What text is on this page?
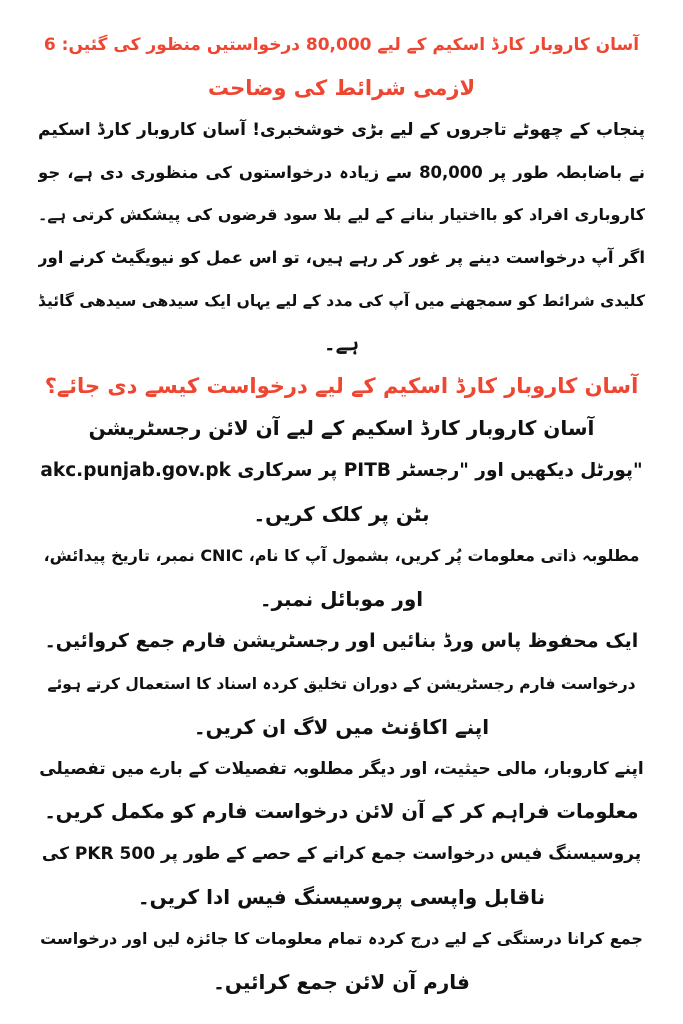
آسان کاروبار کارڈ اسکیم کے لیے 80,000 درخواستیں منظور کی گئیں: 6
لازمی شرائط کی وضاحت
پنجاب کے چھوٹے تاجروں کے لیے بڑی خوشخبری! آسان کاروبار کارڈ اسکیم
نے باضابطہ طور پر 80,000 سے زیادہ درخواستوں کی منظوری دی ہے، جو
کاروباری افراد کو بااختیار بنانے کے لیے بلا سود قرضوں کی پیشکش کرتی ہے۔
اگر آپ درخواست دینے پر غور کر رہے ہیں، تو اس عمل کو نیویگیٹ کرنے اور
کلیدی شرائط کو سمجھنے میں آپ کی مدد کے لیے یہاں ایک سیدھی سیدھی گائیڈ
ہے۔
آسان کاروبار کارڈ اسکیم کے لیے درخواست کیسے دی جائے؟
آسان کاروبار کارڈ اسکیم کے لیے آن لائن رجسٹریشن
akc.punjab.gov.pk پر سرکاری PITB پورٹل دیکھیں اور "رجسٹر"
بٹن پر کلک کریں۔
مطلوبہ ذاتی معلومات پُر کریں، بشمول آپ کا نام، CNIC نمبر، تاریخ پیدائش،
اور موبائل نمبر۔
ایک محفوظ پاس ورڈ بنائیں اور رجسٹریشن فارم جمع کروائیں۔
درخواست فارم رجسٹریشن کے دوران تخلیق کردہ اسناد کا استعمال کرتے ہوئے
اپنے اکاؤنٹ میں لاگ ان کریں۔
اپنے کاروبار، مالی حیثیت، اور دیگر مطلوبہ تفصیلات کے بارے میں تفصیلی
معلومات فراہم کر کے آن لائن درخواست فارم کو مکمل کریں۔
پروسیسنگ فیس درخواست جمع کرانے کے حصے کے طور پر PKR 500 کی
ناقابل واپسی پروسیسنگ فیس ادا کریں۔
جمع کرانا درستگی کے لیے درج کردہ تمام معلومات کا جائزہ لیں اور درخواست
فارم آن لائن جمع کرائیں۔
